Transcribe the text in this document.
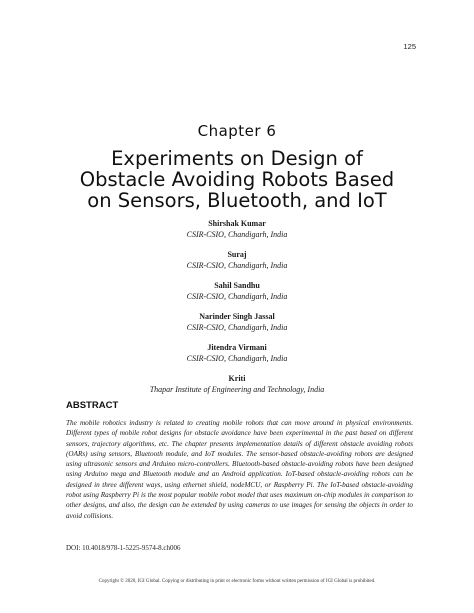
125
Chapter 6
Experiments on Design of
Obstacle Avoiding Robots Based
on Sensors, Bluetooth, and IoT
Shirshak Kumar
CSIR-CSIO, Chandigarh, India
Suraj
CSIR-CSIO, Chandigarh, India
Sahil Sandhu
CSIR-CSIO, Chandigarh, India
Narinder Singh Jassal
CSIR-CSIO, Chandigarh, India
Jitendra Virmani
CSIR-CSIO, Chandigarh, India
Kriti
Thapar Institute of Engineering and Technology, India
ABSTRACT

The mobile robotics industry is related to creating mobile robots that can move around in physical environments. Different types of mobile robot designs for obstacle avoidance have been experimental in the past based on different sensors, trajectory algorithms, etc. The chapter presents implementation details of different obstacle avoiding robots (OARs) using sensors, Bluetooth module, and IoT modules. The sensor-based obstacle-avoiding robots are designed using ultrasonic sensors and Arduino micro-controllers. Bluetooth-based obstacle-avoiding robots have been designed using Arduino mega and Bluetooth module and an Android application. IoT-based obstacle-avoiding robots can be designed in three different ways, using ethernet shield, nodeMCU, or Raspberry Pi. The IoT-based obstacle-avoiding robot using Raspberry Pi is the most popular mobile robot model that uses maximum on-chip modules in comparison to other designs, and also, the design can be extended by using cameras to use images for sensing the objects in order to avoid collisions.

DOI: 10.4018/978-1-5225-9574-8.ch006
Copyright © 2020, IGI Global. Copying or distributing in print or electronic forms without written permission of IGI Global is prohibited.
